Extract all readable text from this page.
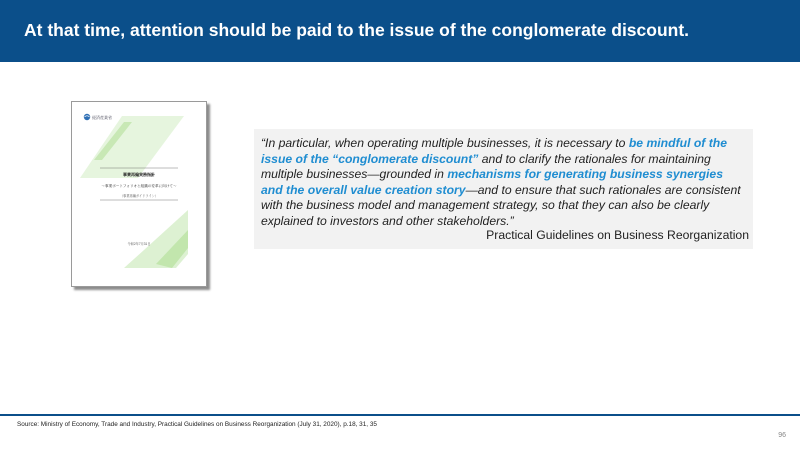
At that time, attention should be paid to the issue of the conglomerate discount.
経済産業省
事業再編実務指針
～事業ポートフォリオと組織の変革に向けて～
（事業再編ガイドライン）
令和2年7月31日
“In particular, when operating multiple businesses, it is necessary to be mindful of the issue of the “conglomerate discount” and to clarify the rationales for maintaining multiple businesses—grounded in mechanisms for generating business synergies and the overall value creation story—and to ensure that such rationales are consistent with the business model and management strategy, so that they can also be clearly explained to investors and other stakeholders.”
Practical Guidelines on Business Reorganization
Source: Ministry of Economy, Trade and Industry, Practical Guidelines on Business Reorganization (July 31, 2020), p.18, 31, 35
96
